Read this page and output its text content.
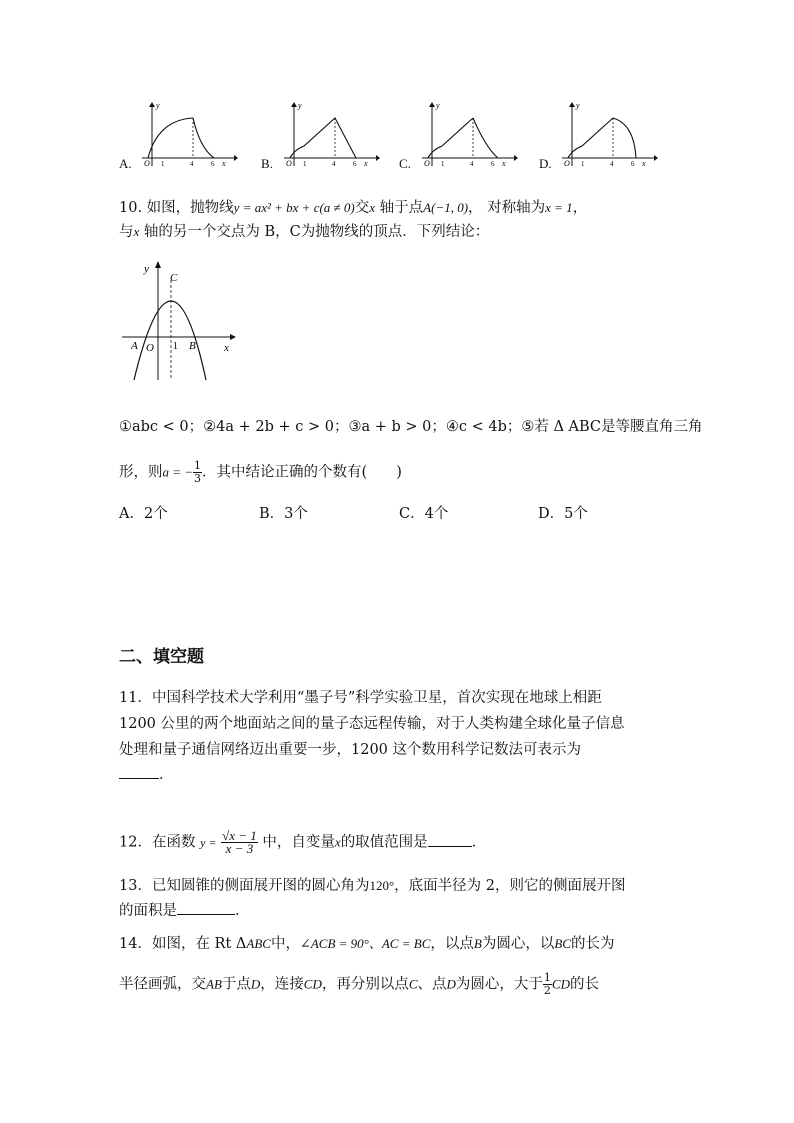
A.
y
O 1	4	6 x	B.
y
O 1	4	6 x C.
y
O 1	4	6 x	D.
y
O 1	4	6 x
10. 如图，抛物线y = ax² + bx + c(a ≠ 0)交x 轴于点A(−1, 0)， 对称轴为x = 1，
与x 轴的另一个交点为 B，C为抛物线的顶点．下列结论：
y
C
A O 1 B	x
①abc < 0；②4a + 2b + c > 0；③a + b > 0；④c < 4b；⑤若 Δ ABC是等腰直角三角
形，则a = − $\frac{1}{3}$ ．其中结论正确的个数有(　　)
A．2个	B．3个	C．4个	D．5个
二、填空题
11．中国科学技术大学利用“墨子号”科学实验卫星，首次实现在地球上相距
1200 公里的两个地面站之间的量子态远程传输，对于人类构建全球化量子信息
处理和量子通信网络迈出重要一步，1200 这个数用科学记数法可表示为
．
12．在函数 $y = \frac{√x - 1}{x - 3}$ 中，自变量x的取值范围是	．
13．已知圆锥的侧面展开图的圆心角为120°，底面半径为 2，则它的侧面展开图
的面积是	．
14．如图，在 Rt ΔABC中，∠ACB = 90°、AC = BC，以点B为圆心，以BC的长为
半径画弧，交AB于点D，连接CD，再分别以点C、点D为圆心，大于 $\frac{1}{2}$ CD的长
